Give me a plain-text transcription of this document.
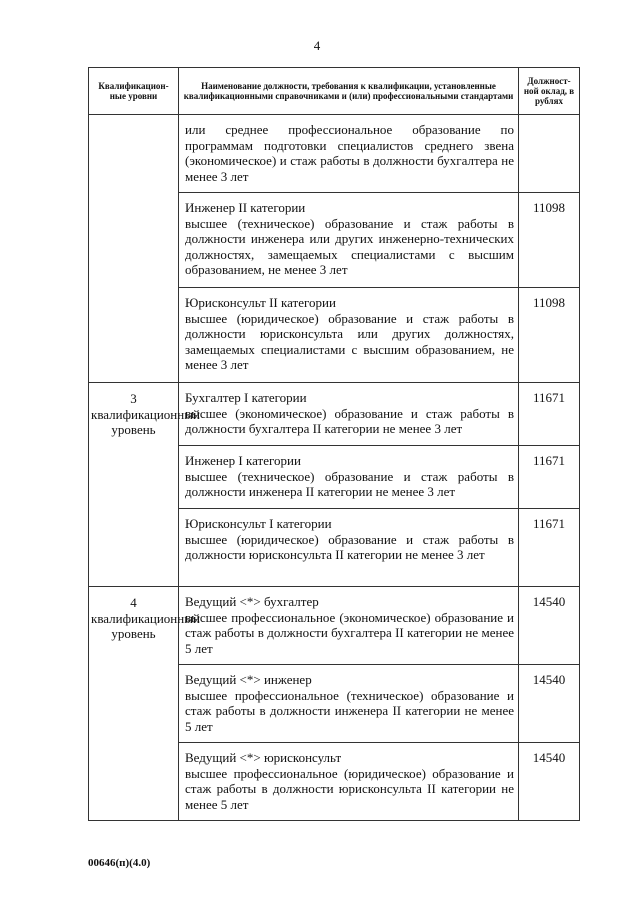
4
Квалификацион-ные уровни	Наименование должности, требования к квалификации, установленные квалификационными справочниками и (или) профессиональными стандартами	Должност-ной оклад, в рублях

	или среднее профессиональное образование по программам подготовки специалистов среднего звена (экономическое) и стаж работы в должности бухгалтера не менее 3 лет	

	Инженер II категории
высшее (техническое) образование и стаж работы в должности инженера или других инженерно-технических должностях, замещаемых специалистами с высшим образованием, не менее 3 лет	11098

	Юрисконсульт II категории
высшее (юридическое) образование и стаж работы в должности юрисконсульта или других должностях, замещаемых специалистами с высшим образованием, не менее 3 лет	11098
3 квалификационный уровень	Бухгалтер I категории
высшее (экономическое) образование и стаж работы в должности бухгалтера II категории не менее 3 лет	11671

	Инженер I категории
высшее (техническое) образование и стаж работы в должности инженера II категории не менее 3 лет	11671

	Юрисконсульт I категории
высшее (юридическое) образование и стаж работы в должности юрисконсульта II категории не менее 3 лет	11671
4 квалификационный уровень	Ведущий <*> бухгалтер
высшее профессиональное (экономическое) образование и стаж работы в должности бухгалтера II категории не менее 5 лет	14540

	Ведущий <*> инженер
высшее профессиональное (техническое) образование и стаж работы в должности инженера II категории не менее 5 лет	14540

	Ведущий <*> юрисконсульт
высшее профессиональное (юридическое) образование и стаж работы в должности юрисконсульта II категории не менее 5 лет	14540
00646(п)(4.0)
